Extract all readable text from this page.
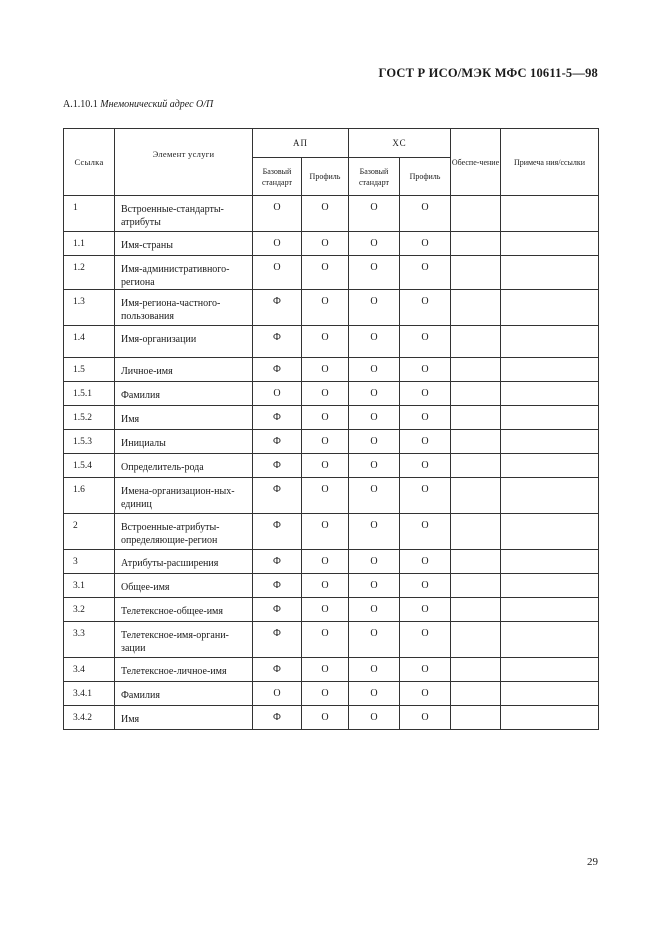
ГОСТ Р ИСО/МЭК МФС 10611-5—98
А.1.10.1 Мнемонический адрес О/П
Ссылка	Элемент услуги	АП		ХС		Обеспе-чение	Примеча ния/ссылки
		Базовый стандарт	Профиль	Базовый стандарт	Профиль		
1	Встроенные-стандарты-атрибуты	О	О	О	О		
1.1	Имя-страны	О	О	О	О		
1.2	Имя-административного-региона	О	О	О	О		
1.3	Имя-региона-частного-пользования	Ф	О	О	О		
1.4	Имя-организации	Ф	О	О	О		
1.5	Личное-имя	Ф	О	О	О		
1.5.1	Фамилия	О	О	О	О		
1.5.2	Имя	Ф	О	О	О		
1.5.3	Инициалы	Ф	О	О	О		
1.5.4	Определитель-рода	Ф	О	О	О		
1.6	Имена-организацион-ных-единиц	Ф	О	О	О		
2	Встроенные-атрибуты-определяющие-регион	Ф	О	О	О		
3	Атрибуты-расширения	Ф	О	О	О		
3.1	Общее-имя	Ф	О	О	О		
3.2	Телетексное-общее-имя	Ф	О	О	О		
3.3	Телетексное-имя-органи-зации	Ф	О	О	О		
3.4	Телетексное-личное-имя	Ф	О	О	О		
3.4.1	Фамилия	О	О	О	О		
3.4.2	Имя	Ф	О	О	О		
29
